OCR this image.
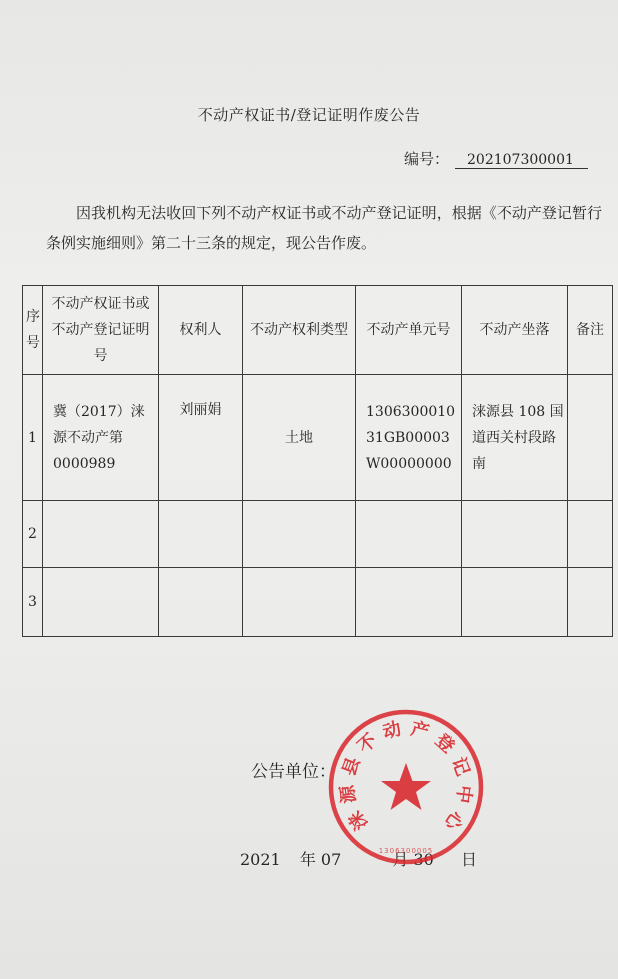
不动产权证书/登记证明作废公告
编号： 202107300001

因我机构无法收回下列不动产权证书或不动产登记证明，根据《不动产登记暂行条例实施细则》第二十三条的规定，现公告作废。

序号	不动产权证书或不动产登记证明号	权利人	不动产权利类型	不动产单元号	不动产坐落	备注
1	冀（2017）涞源不动产第0000989	刘丽娟	土地	130630001031GB00003W00000000	涞源县 108 国道西关村段路南	
2						
3						
公告单位：
2021 年 07	月 30 日
涞
源
县
不 动 产 登
记
中
心
1306300005
